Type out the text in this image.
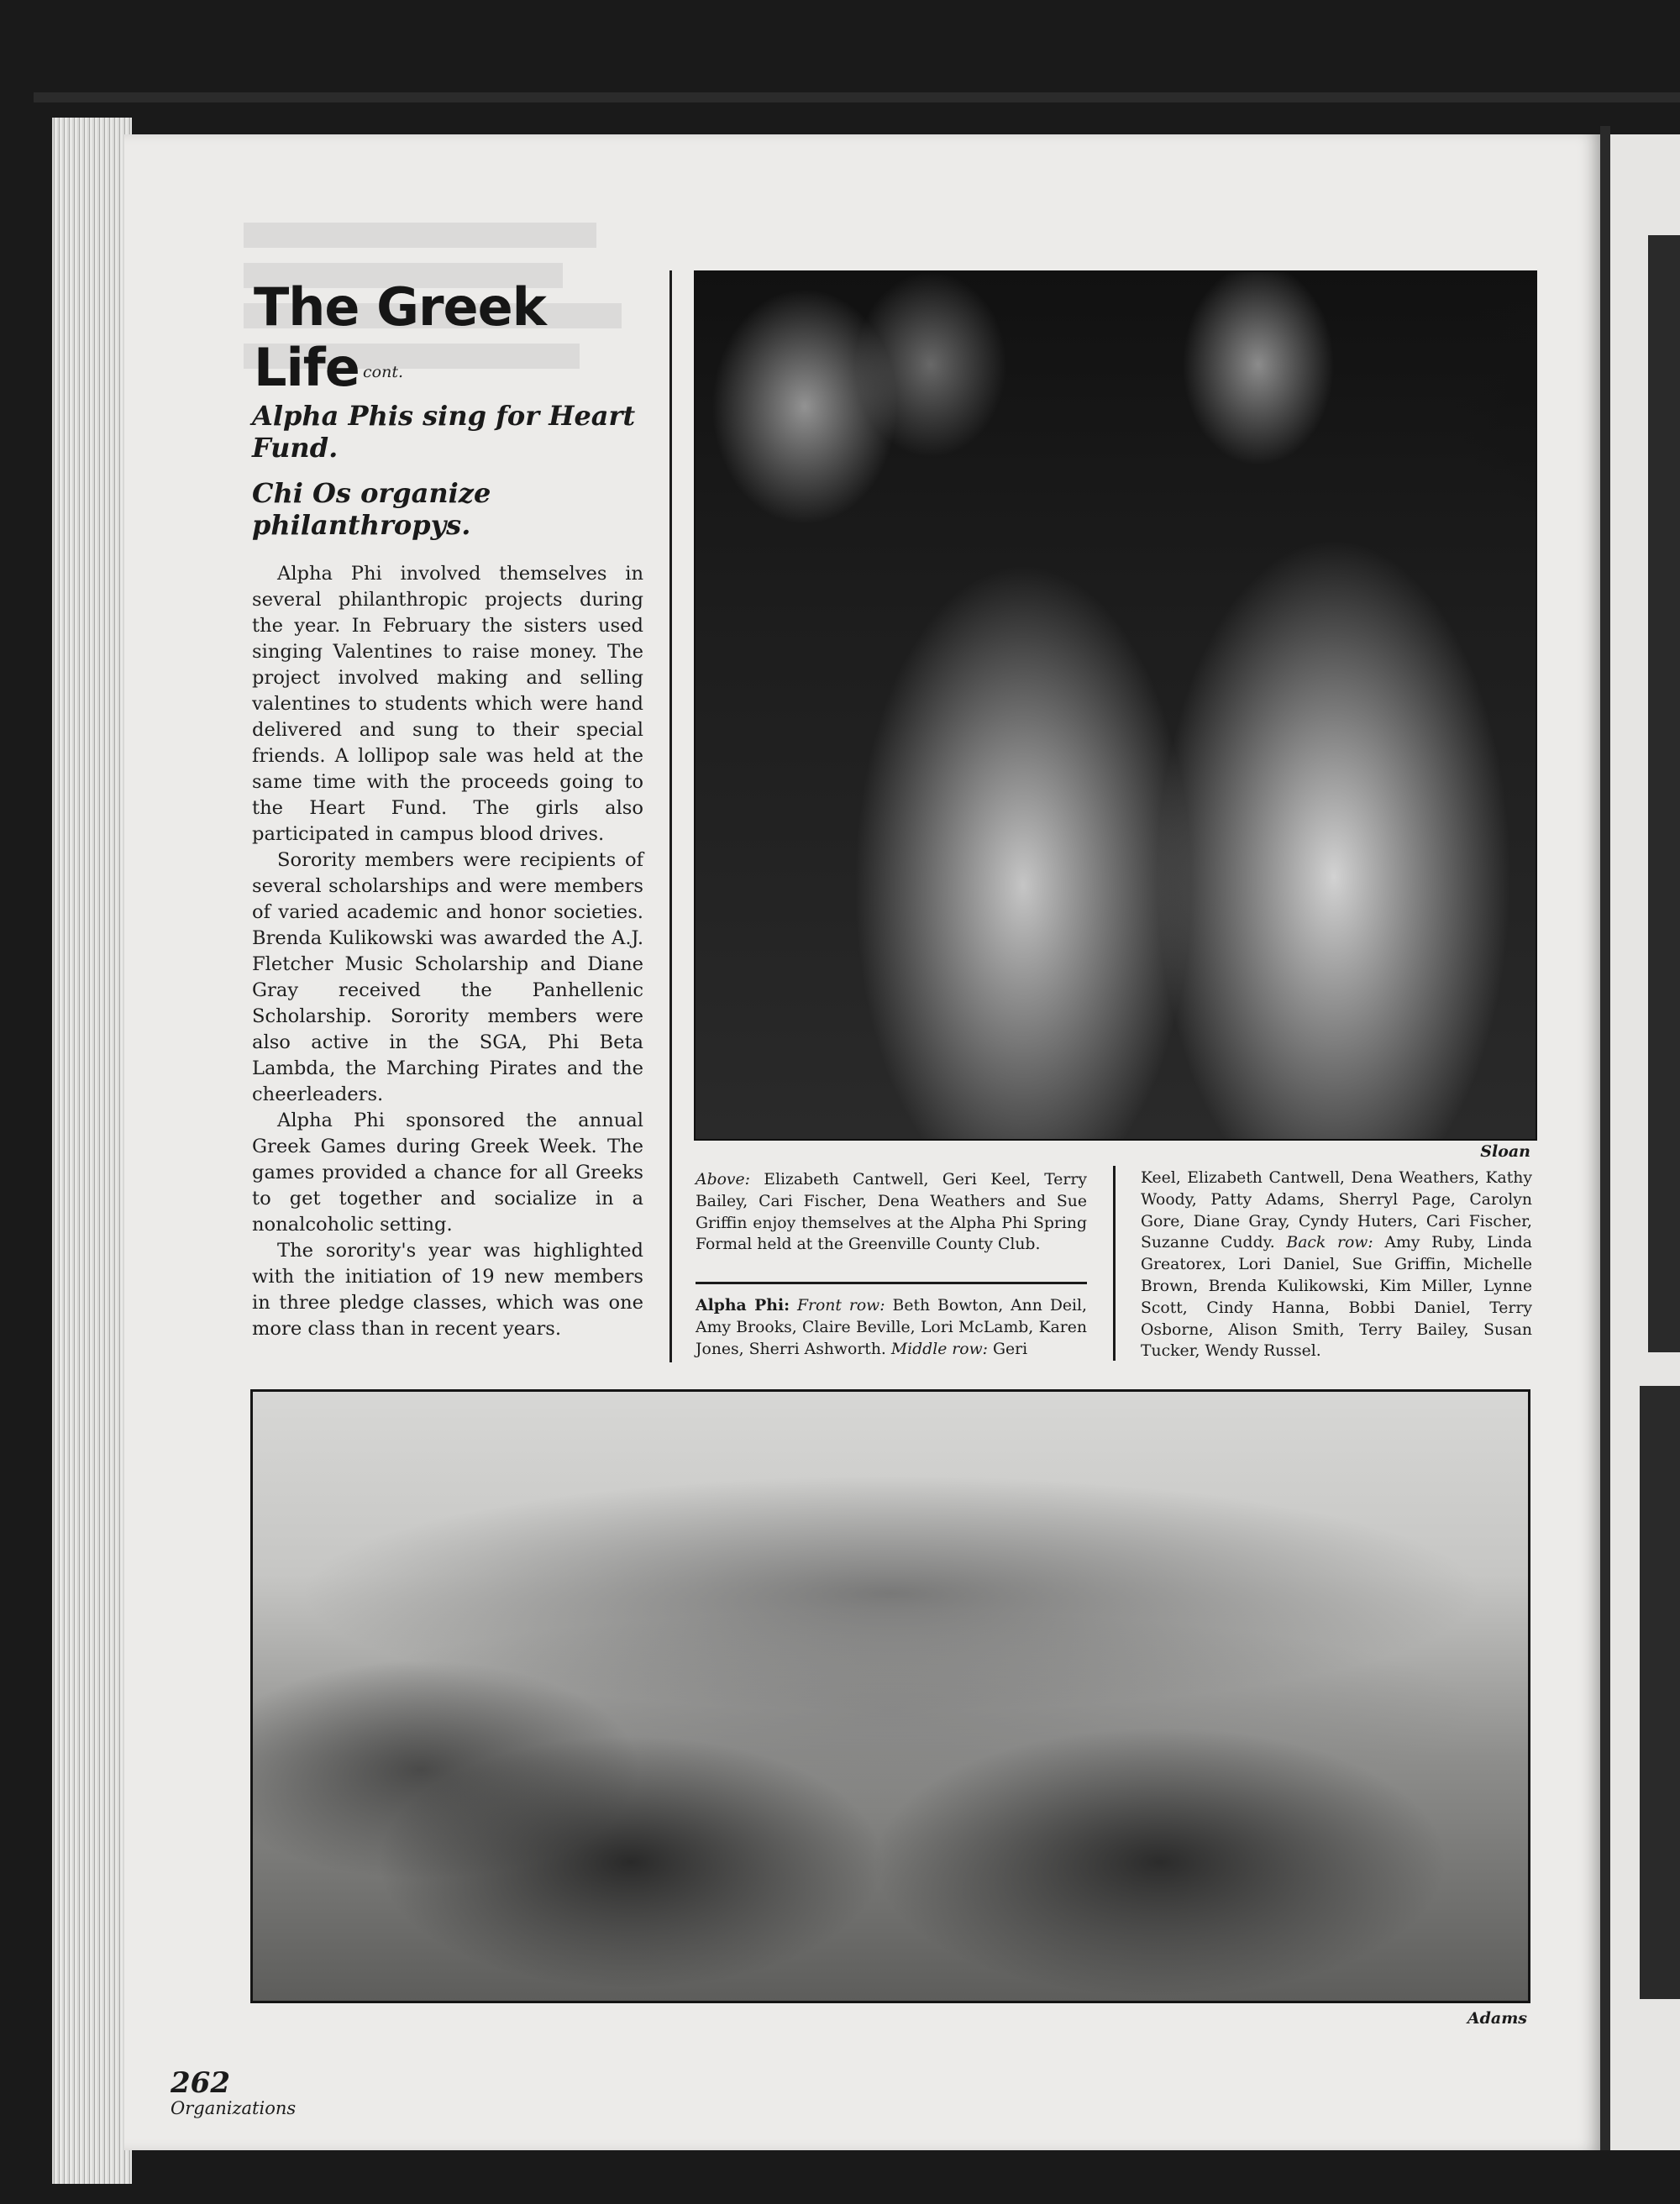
The Greek
Life cont.
Alpha Phis sing for Heart Fund.
Chi Os organize philanthropys.

Alpha Phi involved themselves in several philanthropic projects during the year. In February the sisters used singing Valentines to raise money. The project involved making and selling valentines to students which were hand delivered and sung to their special friends. A lollipop sale was held at the same time with the proceeds going to the Heart Fund. The girls also participated in campus blood drives.

Sorority members were recipients of several scholarships and were members of varied academic and honor societies. Brenda Kulikowski was awarded the A.J. Fletcher Music Scholarship and Diane Gray received the Panhellenic Scholarship. Sorority members were also active in the SGA, Phi Beta Lambda, the Marching Pirates and the cheerleaders.

Alpha Phi sponsored the annual Greek Games during Greek Week. The games provided a chance for all Greeks to get together and socialize in a nonalcoholic setting.

The sorority's year was highlighted with the initiation of 19 new members in three pledge classes, which was one more class than in recent years.

Sloan
Above: Elizabeth Cantwell, Geri Keel, Terry Bailey, Cari Fischer, Dena Weathers and Sue Griffin enjoy themselves at the Alpha Phi Spring Formal held at the Greenville County Club.
Alpha Phi: Front row: Beth Bowton, Ann Deil, Amy Brooks, Claire Beville, Lori McLamb, Karen Jones, Sherri Ashworth. Middle row: Geri
Keel, Elizabeth Cantwell, Dena Weathers, Kathy Woody, Patty Adams, Sherryl Page, Carolyn Gore, Diane Gray, Cyndy Huters, Cari Fischer, Suzanne Cuddy. Back row: Amy Ruby, Linda Greatorex, Lori Daniel, Sue Griffin, Michelle Brown, Brenda Kulikowski, Kim Miller, Lynne Scott, Cindy Hanna, Bobbi Daniel, Terry Osborne, Alison Smith, Terry Bailey, Susan Tucker, Wendy Russel.
Adams
262
Organizations
